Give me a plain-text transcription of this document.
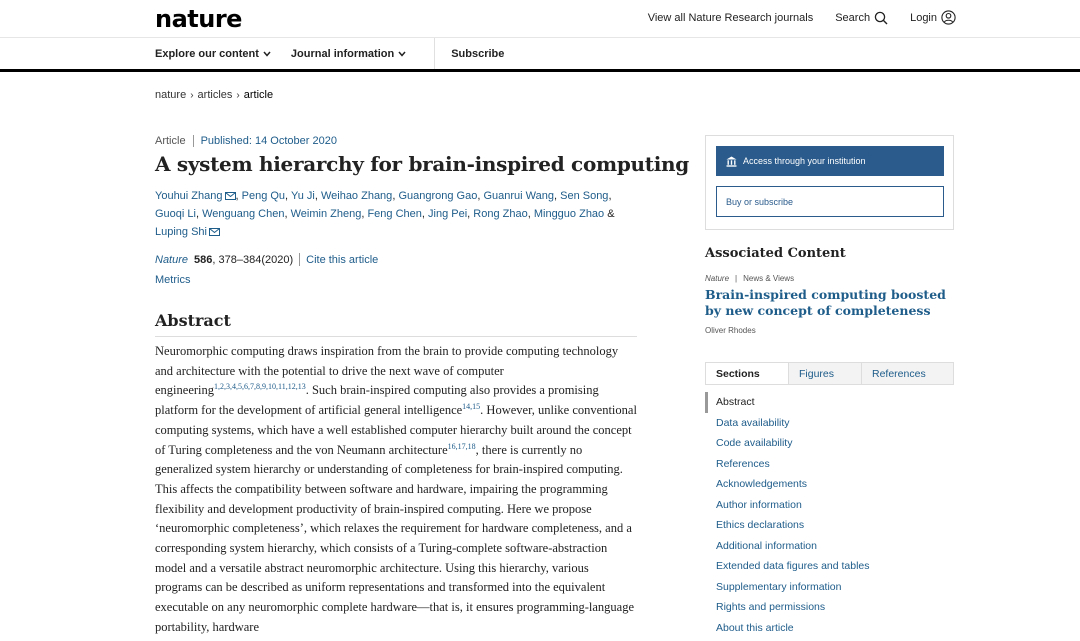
nature	View all Nature Research journals Search	Login
Explore our content	Journal information	Subscribe
nature › articles › article
Article Published: 14 October 2020
A system hierarchy for brain-inspired computing
Youhui Zhang , Peng Qu, Yu Ji, Weihao Zhang, Guangrong Gao, Guanrui Wang, Sen Song, Guoqi Li, Wenguang Chen, Weimin Zheng, Feng Chen, Jing Pei, Rong Zhao, Mingguo Zhao & Luping Shi
Nature 586 , 378–384 (2020) Cite this article
Metrics
Abstract

Neuromorphic computing draws inspiration from the brain to provide computing technology and architecture with the potential to drive the next wave of computer engineering$^{1,2,3,4,5,6,7,8,9,10,11,12,13}$. Such brain-inspired computing also provides a promising platform for the development of artificial general intelligence$^{14,15}$. However, unlike conventional computing systems, which have a well established computer hierarchy built around the concept of Turing completeness and the von Neumann architecture$^{16,17,18}$, there is currently no generalized system hierarchy or understanding of completeness for brain-inspired computing. This affects the compatibility between software and hardware, impairing the programming flexibility and development productivity of brain-inspired computing. Here we propose ‘neuromorphic completeness’, which relaxes the requirement for hardware completeness, and a corresponding system hierarchy, which consists of a Turing-complete software-abstraction model and a versatile abstract neuromorphic architecture. Using this hierarchy, various programs can be described as uniform representations and transformed into the equivalent executable on any neuromorphic complete hardware—that is, it ensures programming-language portability, hardware

Access through your institution
Buy or subscribe
Associated Content
Nature | News & Views
Brain-inspired computing boosted by new concept of completeness
Oliver Rhodes
Sections	Figures	References
Abstract
Data availability
Code availability
References
Acknowledgements
Author information
Ethics declarations
Additional information
Extended data figures and tables
Supplementary information
Rights and permissions
About this article
